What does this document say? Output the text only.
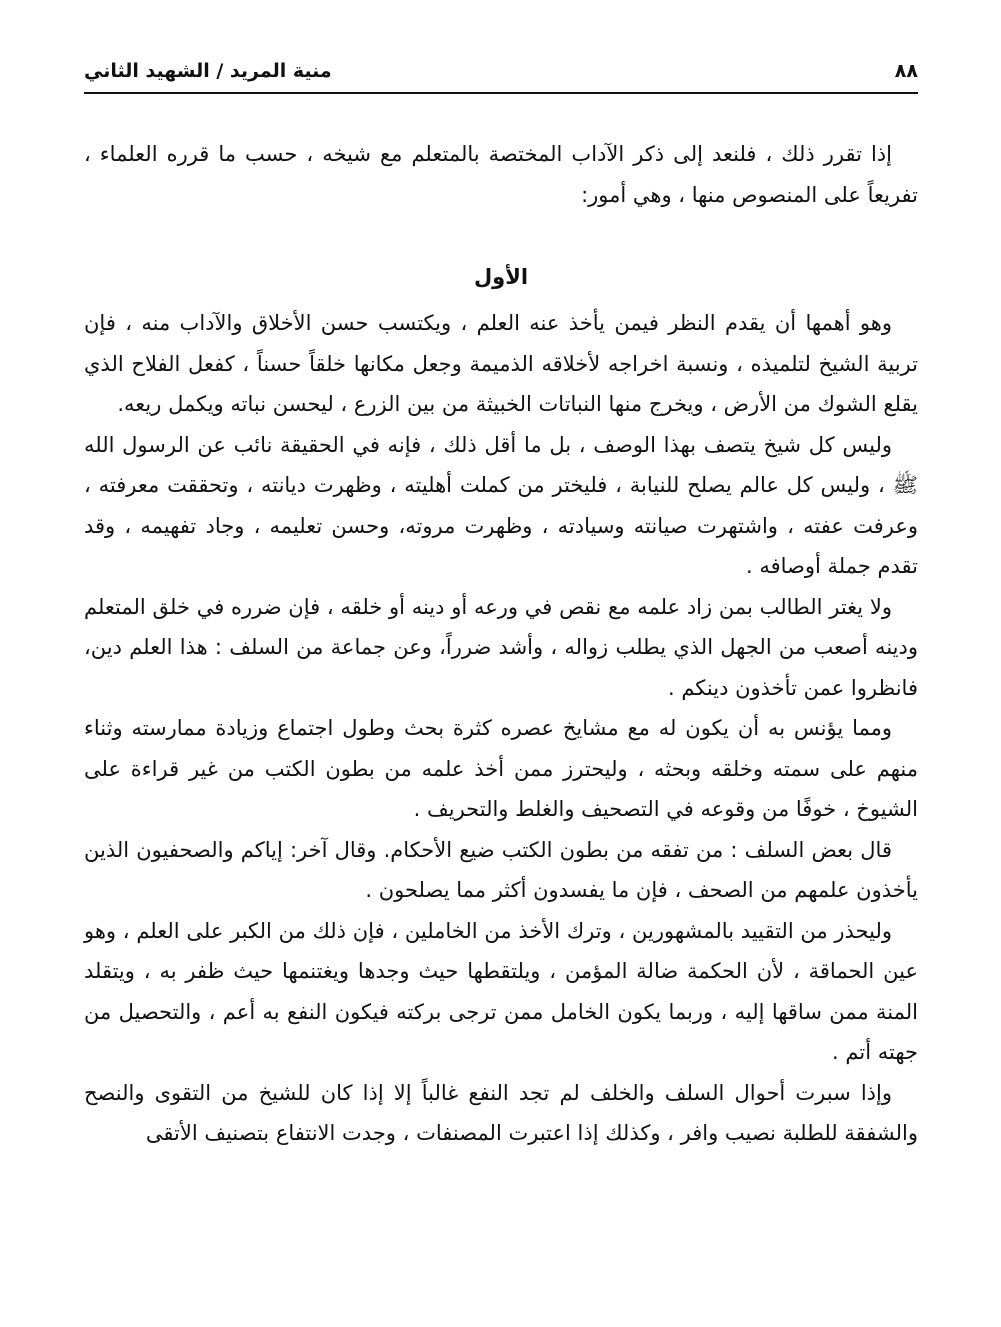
٨٨
منية المريد / الشهيد الثاني

إذا تقرر ذلك ، فلنعد إلى ذكر الآداب المختصة بالمتعلم مع شيخه ، حسب ما قرره العلماء ، تفريعاً على المنصوص منها ، وهي أمور:

الأول

وهو أهمها أن يقدم النظر فيمن يأخذ عنه العلم ، ويكتسب حسن الأخلاق والآداب منه ، فإن تربية الشيخ لتلميذه ، ونسبة اخراجه لأخلاقه الذميمة وجعل مكانها خلقاً حسناً ، كفعل الفلاح الذي يقلع الشوك من الأرض ، ويخرج منها النباتات الخبيثة من بين الزرع ، ليحسن نباته ويكمل ريعه.

وليس كل شيخ يتصف بهذا الوصف ، بل ما أقل ذلك ، فإنه في الحقيقة نائب عن الرسول الله ﷺ ، وليس كل عالم يصلح للنيابة ، فليختر من كملت أهليته ، وظهرت ديانته ، وتحققت معرفته ، وعرفت عفته ، واشتهرت صيانته وسيادته ، وظهرت مروته، وحسن تعليمه ، وجاد تفهيمه ، وقد تقدم جملة أوصافه .

ولا يغتر الطالب بمن زاد علمه مع نقص في ورعه أو دينه أو خلقه ، فإن ضرره في خلق المتعلم ودينه أصعب من الجهل الذي يطلب زواله ، وأشد ضرراً، وعن جماعة من السلف : هذا العلم دين، فانظروا عمن تأخذون دينكم .

ومما يؤنس به أن يكون له مع مشايخ عصره كثرة بحث وطول اجتماع وزيادة ممارسته وثناء منهم على سمته وخلقه وبحثه ، وليحترز ممن أخذ علمه من بطون الكتب من غير قراءة على الشيوخ ، خوفًا من وقوعه في التصحيف والغلط والتحريف .

قال بعض السلف : من تفقه من بطون الكتب ضيع الأحكام. وقال آخر: إياكم والصحفيون الذين يأخذون علمهم من الصحف ، فإن ما يفسدون أكثر مما يصلحون .

وليحذر من التقييد بالمشهورين ، وترك الأخذ من الخاملين ، فإن ذلك من الكبر على العلم ، وهو عين الحماقة ، لأن الحكمة ضالة المؤمن ، ويلتقطها حيث وجدها ويغتنمها حيث ظفر به ، ويتقلد المنة ممن ساقها إليه ، وربما يكون الخامل ممن ترجى بركته فيكون النفع به أعم ، والتحصيل من جهته أتم .

وإذا سبرت أحوال السلف والخلف لم تجد النفع غالباً إلا إذا كان للشيخ من التقوى والنصح والشفقة للطلبة نصيب وافر ، وكذلك إذا اعتبرت المصنفات ، وجدت الانتفاع بتصنيف الأتقى
